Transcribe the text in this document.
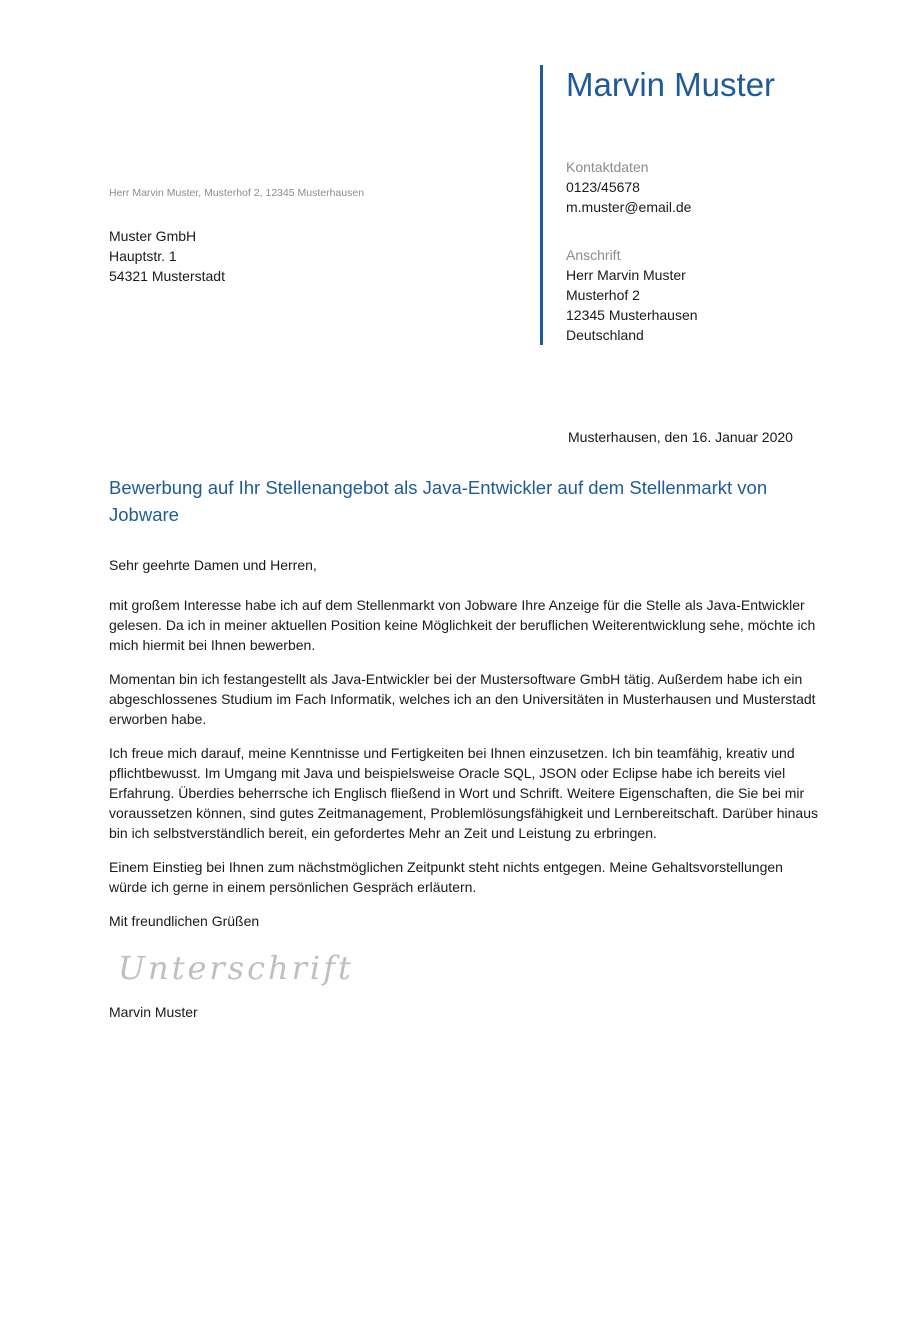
Marvin Muster
Kontaktdaten
0123/45678
m.muster@email.de
Anschrift
Herr Marvin Muster
Musterhof 2
12345 Musterhausen
Deutschland
Herr Marvin Muster, Musterhof 2, 12345 Musterhausen
Muster GmbH
Hauptstr. 1
54321 Musterstadt
Musterhausen, den 16. Januar 2020
Bewerbung auf Ihr Stellenangebot als Java-Entwickler auf dem Stellenmarkt von Jobware
Sehr geehrte Damen und Herren,

mit großem Interesse habe ich auf dem Stellenmarkt von Jobware Ihre Anzeige für die Stelle als Java-Entwickler gelesen. Da ich in meiner aktuellen Position keine Möglichkeit der beruflichen Weiterentwicklung sehe, möchte ich mich hiermit bei Ihnen bewerben.

Momentan bin ich festangestellt als Java-Entwickler bei der Mustersoftware GmbH tätig. Außerdem habe ich ein abgeschlossenes Studium im Fach Informatik, welches ich an den Universitäten in Musterhausen und Musterstadt erworben habe.

Ich freue mich darauf, meine Kenntnisse und Fertigkeiten bei Ihnen einzusetzen. Ich bin teamfähig, kreativ und pflichtbewusst. Im Umgang mit Java und beispielsweise Oracle SQL, JSON oder Eclipse habe ich bereits viel Erfahrung. Überdies beherrsche ich Englisch fließend in Wort und Schrift. Weitere Eigenschaften, die Sie bei mir voraussetzen können, sind gutes Zeitmanagement, Problemlösungsfähigkeit und Lernbereitschaft. Darüber hinaus bin ich selbstverständlich bereit, ein gefordertes Mehr an Zeit und Leistung zu erbringen.

Einem Einstieg bei Ihnen zum nächstmöglichen Zeitpunkt steht nichts entgegen. Meine Gehaltsvorstellungen würde ich gerne in einem persönlichen Gespräch erläutern.

Mit freundlichen Grüßen
Unterschrift
Marvin Muster
